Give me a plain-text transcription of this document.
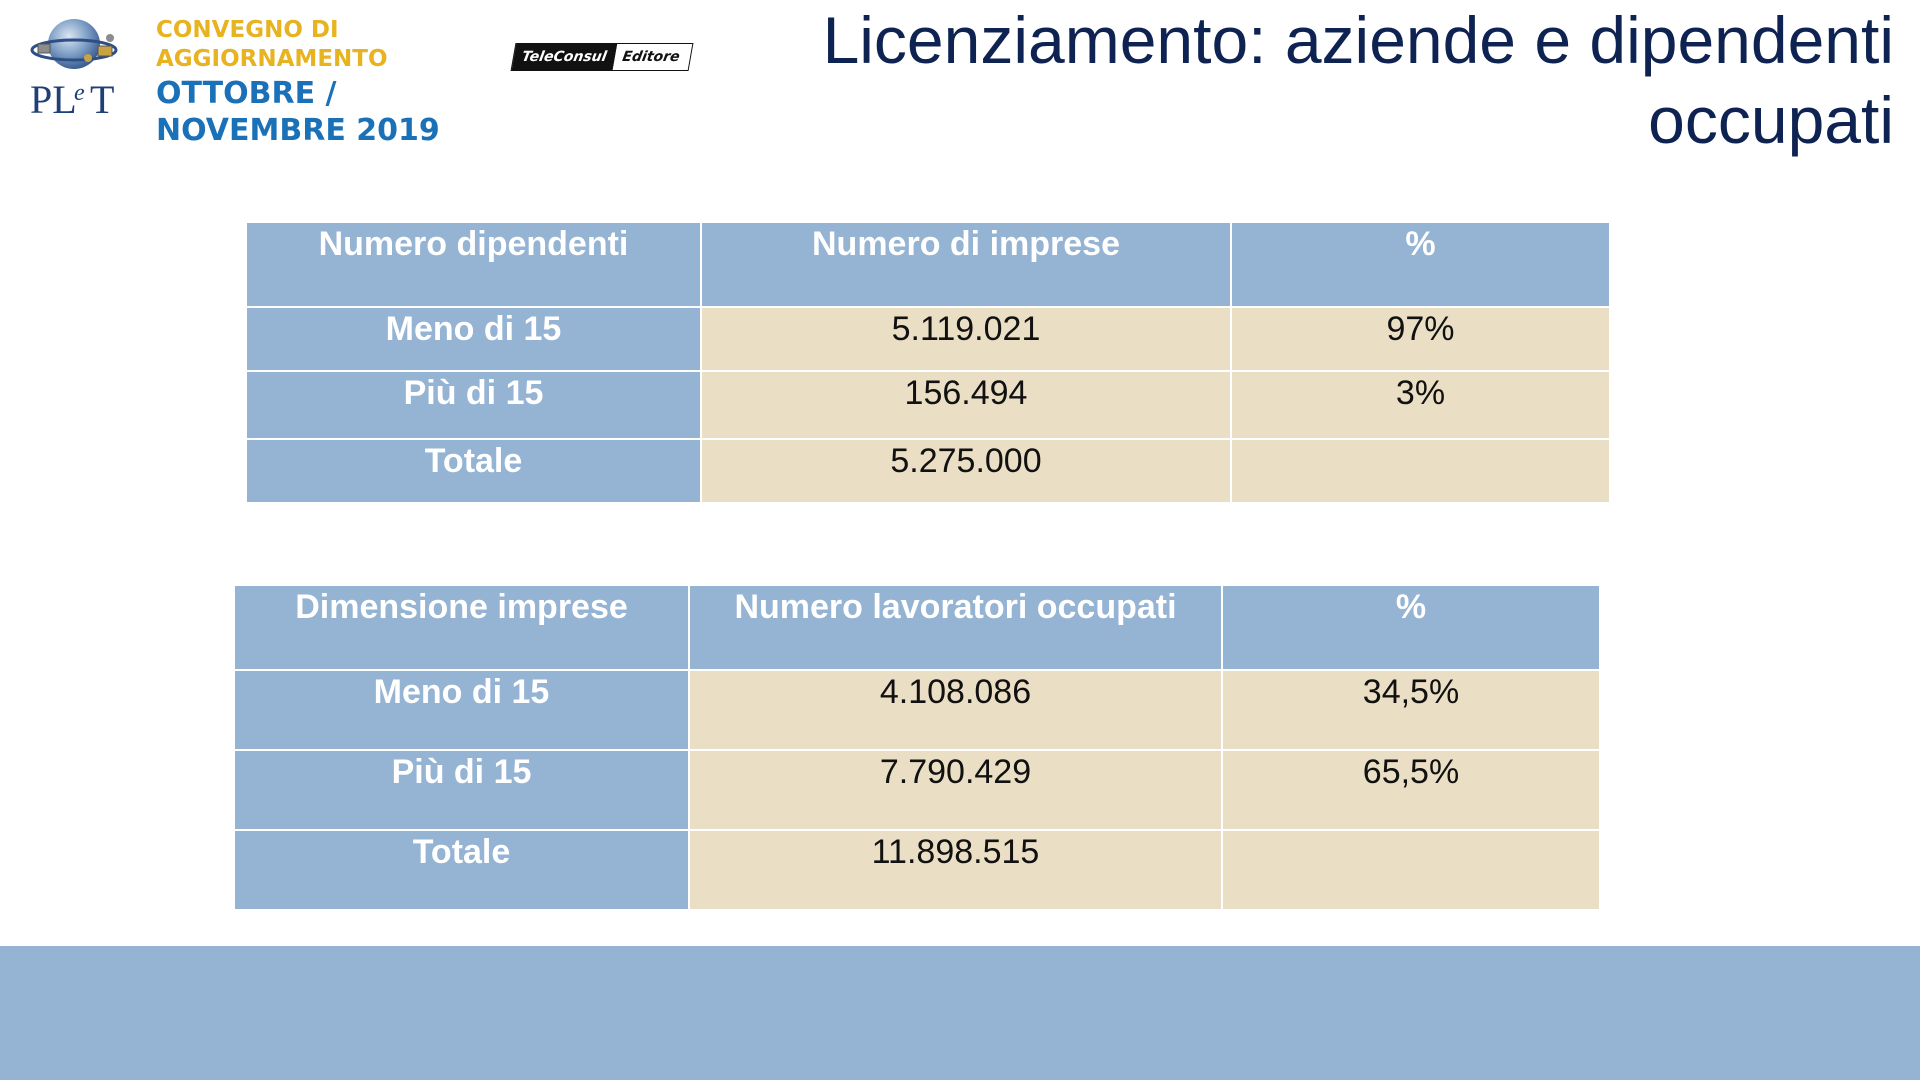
PL
e T
CONVEGNO DI
AGGIORNAMENTO
OTTOBRE /
NOVEMBRE 2019
TeleConsul Editore Licenziamento: aziende e dipendenti
occupati
Numero dipendenti	Numero di imprese	%
Meno di 15	5.119.021	97%
Più di 15	156.494	3%
Totale	5.275.000	
Dimensione imprese	Numero lavoratori occupati	%
Meno di 15	4.108.086	34,5%
Più di 15	7.790.429	65,5%
Totale	11.898.515	
